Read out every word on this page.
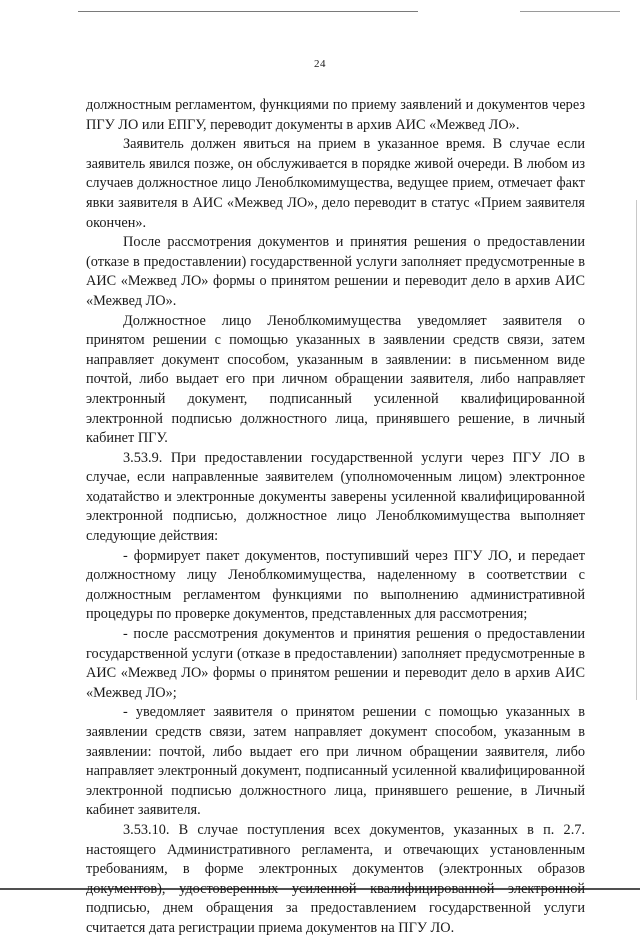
24

должностным регламентом, функциями по приему заявлений и документов через ПГУ ЛО или ЕПГУ, переводит документы в архив АИС «Межвед ЛО».

Заявитель должен явиться на прием в указанное время. В случае если заявитель явился позже, он обслуживается в порядке живой очереди. В любом из случаев должностное лицо Леноблкомимущества, ведущее прием, отмечает факт явки заявителя в АИС «Межвед ЛО», дело переводит в статус «Прием заявителя окончен».

После рассмотрения документов и принятия решения о предоставлении (отказе в предоставлении) государственной услуги заполняет предусмотренные в АИС «Межвед ЛО» формы о принятом решении и переводит дело в архив АИС «Межвед ЛО».

Должностное лицо Леноблкомимущества уведомляет заявителя о принятом решении с помощью указанных в заявлении средств связи, затем направляет документ способом, указанным в заявлении: в письменном виде почтой, либо выдает его при личном обращении заявителя, либо направляет электронный документ, подписанный усиленной квалифицированной электронной подписью должностного лица, принявшего решение, в личный кабинет ПГУ.

3.53.9. При предоставлении государственной услуги через ПГУ ЛО в случае, если направленные заявителем (уполномоченным лицом) электронное ходатайство и электронные документы заверены усиленной квалифицированной электронной подписью, должностное лицо Леноблкомимущества выполняет следующие действия:

- формирует пакет документов, поступивший через ПГУ ЛО, и передает должностному лицу Леноблкомимущества, наделенному в соответствии с должностным регламентом функциями по выполнению административной процедуры по проверке документов, представленных для рассмотрения;

- после рассмотрения документов и принятия решения о предоставлении государственной услуги (отказе в предоставлении) заполняет предусмотренные в АИС «Межвед ЛО» формы о принятом решении и переводит дело в архив АИС «Межвед ЛО»;

- уведомляет заявителя о принятом решении с помощью указанных в заявлении средств связи, затем направляет документ способом, указанным в заявлении: почтой, либо выдает его при личном обращении заявителя, либо направляет электронный документ, подписанный усиленной квалифицированной электронной подписью должностного лица, принявшего решение, в Личный кабинет заявителя.

3.53.10. В случае поступления всех документов, указанных в п. 2.7. настоящего Административного регламента, и отвечающих установленным требованиям, в форме электронных документов (электронных образов документов), удостоверенных усиленной квалифицированной электронной подписью, днем обращения за предоставлением государственной услуги считается дата регистрации приема документов на ПГУ ЛО.
